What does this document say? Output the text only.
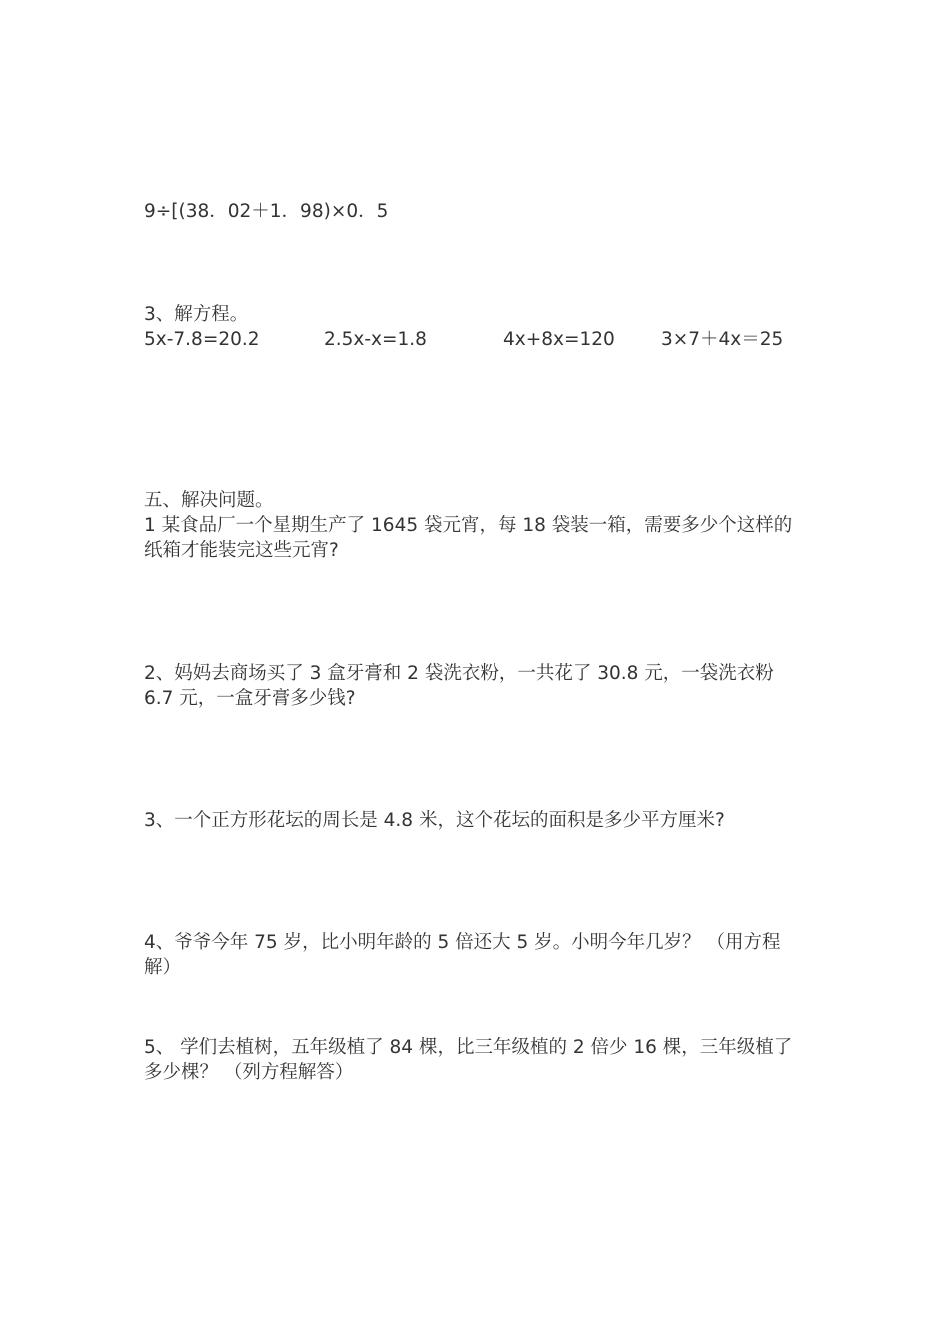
9÷[(38．02＋1．98)×0．5
3、解方程。
5x-7.8=20.2	2.5x-x=1.8	4x+8x=120	3×7＋4x＝25
五、解决问题。
1 某食品厂一个星期生产了 1645 袋元宵，每 18 袋装一箱，需要多少个这样的
纸箱才能装完这些元宵?
2、妈妈去商场买了 3 盒牙膏和 2 袋洗衣粉，一共花了 30.8 元，一袋洗衣粉
6.7 元，一盒牙膏多少钱?
3、一个正方形花坛的周长是 4.8 米，这个花坛的面积是多少平方厘米?
4、爷爷今年 75 岁，比小明年龄的 5 倍还大 5 岁。小明今年几岁？ （用方程
解）
5、 学们去植树，五年级植了 84 棵，比三年级植的 2 倍少 16 棵，三年级植了
多少棵？ （列方程解答）
